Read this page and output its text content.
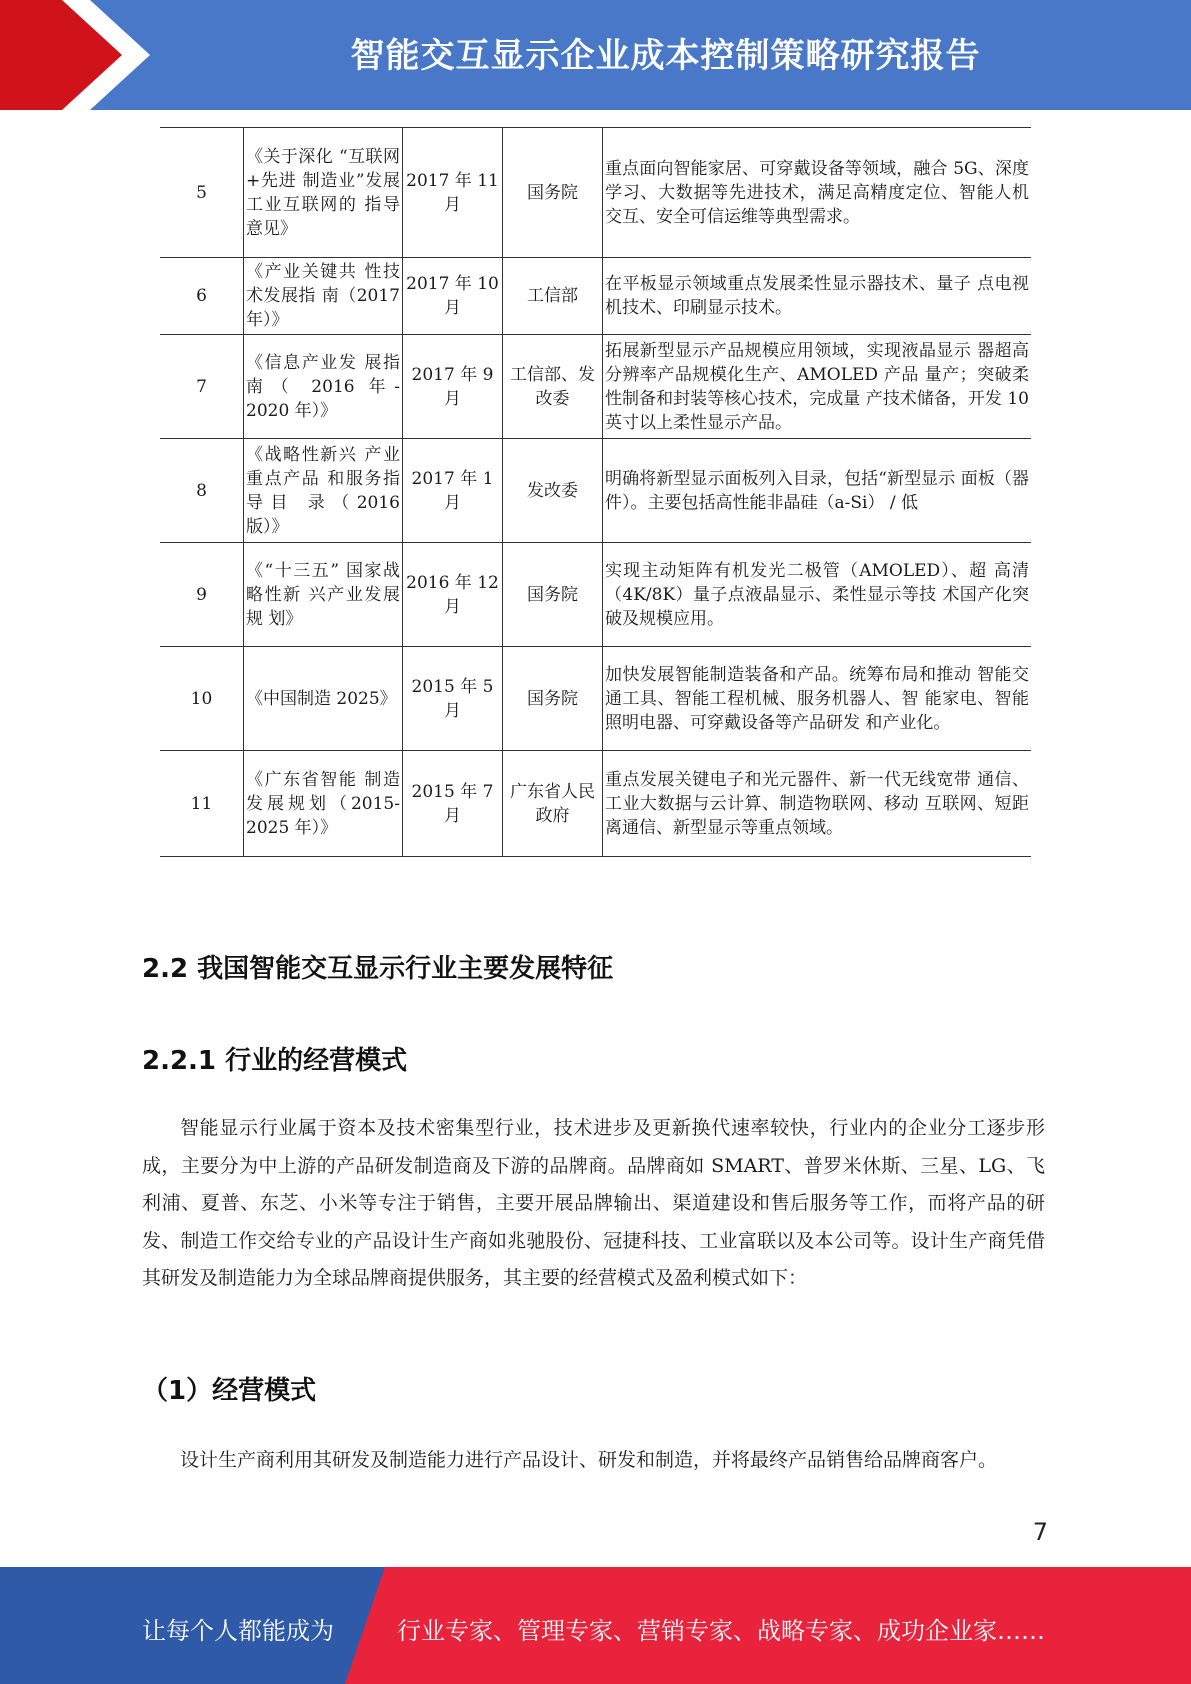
智能交互显示企业成本控制策略研究报告
5	《关于深化 “互联网+先进 制造业”发展 工业互联网的 指导意见》	2017 年 11 月	国务院	重点面向智能家居、可穿戴设备等领域，融合 5G、深度学习、大数据等先进技术，满足高精度定位、智能人机交互、安全可信运维等典型需求。
6	《产业关键共 性技术发展指 南（2017 年）》	2017 年 10 月	工信部	在平板显示领域重点发展柔性显示器技术、量子 点电视机技术、印刷显示技术。
7	《信息产业发 展指南（ 2016 年- 2020 年）》	2017 年 9 月	工信部、发改委	拓展新型显示产品规模应用领域，实现液晶显示 器超高分辨率产品规模化生产、AMOLED 产品 量产；突破柔性制备和封装等核心技术，完成量 产技术储备，开发 10 英寸以上柔性显示产品。
8	《战略性新兴 产业重点产品 和服务指导目 录（2016 版）》	2017 年 1 月	发改委	明确将新型显示面板列入目录，包括“新型显示 面板（器件）。主要包括高性能非晶硅（a-Si） / 低
9	《“十三五” 国家战略性新 兴产业发展规 划》	2016 年 12 月	国务院	实现主动矩阵有机发光二极管（AMOLED）、超 高清（4K/8K）量子点液晶显示、柔性显示等技 术国产化突破及规模应用。
10	《中国制造 2025》	2015 年 5 月	国务院	加快发展智能制造装备和产品。统筹布局和推动 智能交通工具、智能工程机械、服务机器人、智 能家电、智能照明电器、可穿戴设备等产品研发 和产业化。
11	《广东省智能 制造发展规划（2015-2025 年）》	2015 年 7 月	广东省人民政府	重点发展关键电子和光元器件、新一代无线宽带 通信、工业大数据与云计算、制造物联网、移动 互联网、短距离通信、新型显示等重点领域。
2.2 我国智能交互显示行业主要发展特征
2.2.1 行业的经营模式

智能显示行业属于资本及技术密集型行业，技术进步及更新换代速率较快，行业内的企业分工逐步形成，主要分为中上游的产品研发制造商及下游的品牌商。品牌商如 SMART、普罗米休斯、三星、LG、飞利浦、夏普、东芝、小米等专注于销售，主要开展品牌输出、渠道建设和售后服务等工作，而将产品的研发、制造工作交给专业的产品设计生产商如兆驰股份、冠捷科技、工业富联以及本公司等。设计生产商凭借其研发及制造能力为全球品牌商提供服务，其主要的经营模式及盈利模式如下：

（1）经营模式

设计生产商利用其研发及制造能力进行产品设计、研发和制造，并将最终产品销售给品牌商客户。

7
让每个人都能成为	行业专家、管理专家、营销专家、战略专家、成功企业家……
